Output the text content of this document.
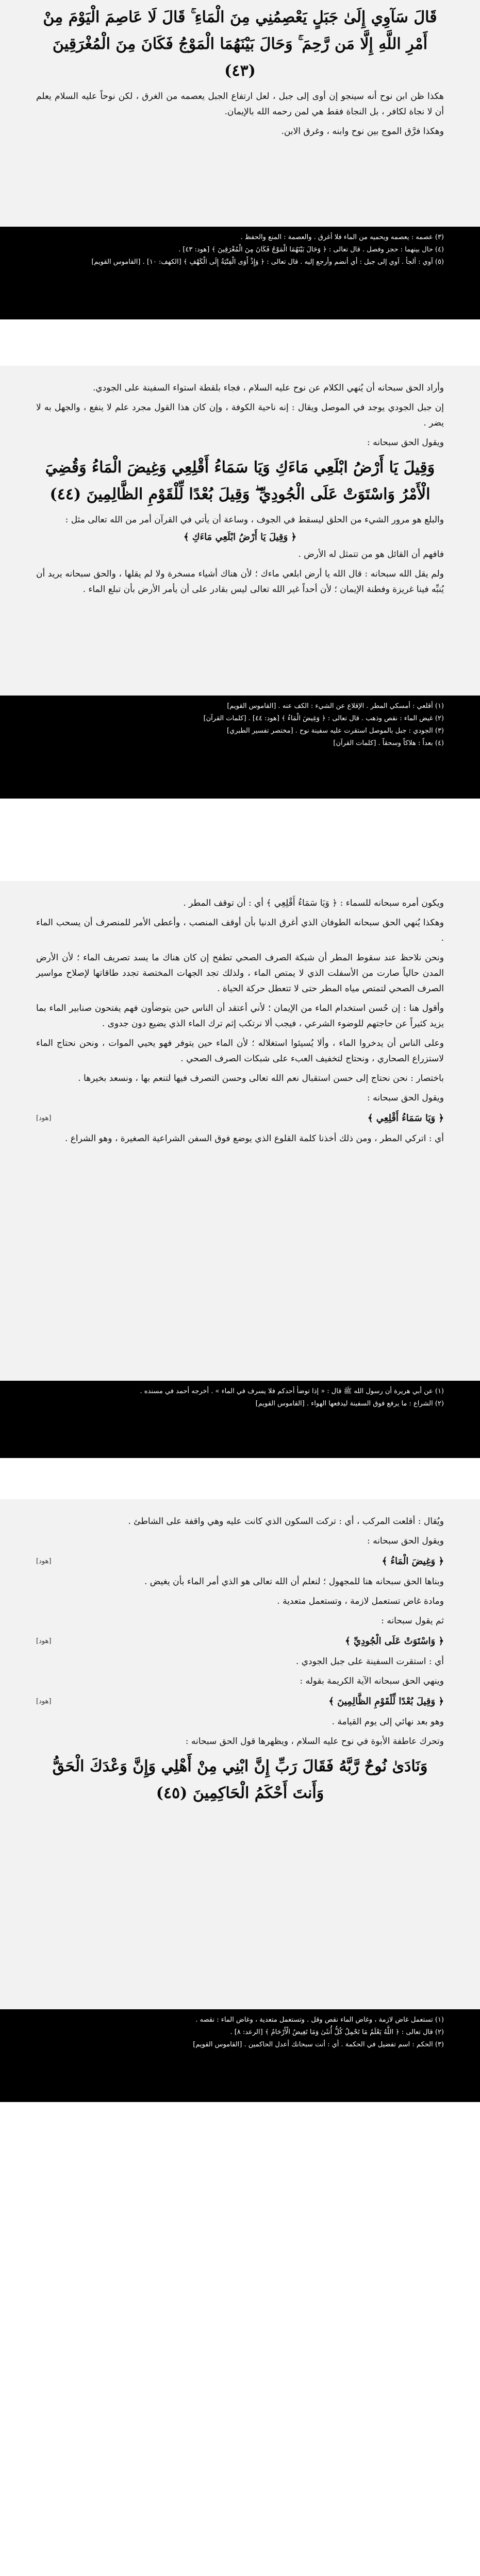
قَالَ سَآوِي إِلَىٰ جَبَلٍ يَعْصِمُنِي مِنَ الْمَاءِ ۚ قَالَ لَا عَاصِمَ الْيَوْمَ مِنْ أَمْرِ اللَّهِ إِلَّا مَن رَّحِمَ ۚ وَحَالَ بَيْنَهُمَا الْمَوْجُ فَكَانَ مِنَ الْمُغْرَقِينَ (٤٣)

هكذا ظن ابن نوح أنه سينجو إن أوى إلى جبل ، لعل ارتفاع الجبل يعصمه من الغرق ، لكن نوحاً عليه السلام يعلم أن لا نجاة لكافر ، بل النجاة فقط هي لمن رحمه الله بالإيمان.

وهكذا فرَّق الموج بين نوح وابنه ، وغرق الابن.

(٣) عصمه : يعصمه ويحميه من الماء فلا أغرق . والعصمة : المنع والحفظ .
(٤) حال بينهما : حجز وفصل . قال تعالى : ﴿ وَحَالَ بَيْنَهُمَا الْمَوْجُ فَكَانَ مِنَ الْمُغْرَقِينَ ﴾ [هود: ٤٣] .
(٥) آوي : ألجأ . آوي إلى جبل : أي أنضم وأرجع إليه . قال تعالى : ﴿ وَإِذْ أَوَى الْفِتْيَةُ إِلَى الْكَهْفِ ﴾ [الكهف: ١٠] . [القاموس القويم]

وأراد الحق سبحانه أن يُنهي الكلام عن نوح عليه السلام ، فجاء بلقطة استواء السفينة على الجودي.

إن جبل الجودي يوجد في الموصل ويقال : إنه ناحية الكوفة ، وإن كان هذا القول مجرد علم لا ينفع ، والجهل به لا يضر .

ويقول الحق سبحانه :

وَقِيلَ يَا أَرْضُ ابْلَعِي مَاءَكِ وَيَا سَمَاءُ أَقْلِعِي وَغِيضَ الْمَاءُ وَقُضِيَ الْأَمْرُ وَاسْتَوَتْ عَلَى الْجُودِيِّ ۖ وَقِيلَ بُعْدًا لِّلْقَوْمِ الظَّالِمِينَ (٤٤)

والبلع هو مرور الشيء من الحلق ليسقط في الجوف ، وساعة أن يأتي في القرآن أمر من الله تعالى مثل :

﴿ وَقِيلَ يَا أَرْضُ ابْلَعِي مَاءَكِ ﴾

فافهم أن القائل هو من تتمثل له الأرض .

ولم يقل الله سبحانه : قال الله يا أرض ابلعي ماءك ؛ لأن هناك أشياء مسخرة ولا لم يقلها ، والحق سبحانه يريد أن يُنبِّه فينا غريزة وفطنة الإيمان ؛ لأن أحداً غير الله تعالى ليس بقادر على أن يأمر الأرض بأن تبلع الماء .

(١) أقلعي : أمسكي المطر . الإقلاع عن الشيء : الكف عنه . [القاموس القويم]
(٢) غيض الماء : نقص وذهب . قال تعالى : ﴿ وَغِيضَ الْمَاءُ ﴾ [هود: ٤٤] . [كلمات القرآن]
(٣) الجودي : جبل بالموصل استقرت عليه سفينة نوح . [مختصر تفسير الطبري]
(٤) بعداً : هلاكاً وسحقاً . [كلمات القرآن]

ويكون أمره سبحانه للسماء : ﴿ وَيَا سَمَاءُ أَقْلِعِي ﴾ أي : أن توقف المطر .

وهكذا يُنهي الحق سبحانه الطوفان الذي أغرق الدنيا بأن أوقف المنصب ، وأعطى الأمر للمنصرف أن يسحب الماء .

ونحن نلاحظ عند سقوط المطر أن شبكة الصرف الصحي تطفح إن كان هناك ما يسد تصريف الماء ؛ لأن الأرض المدن حالياً صارت من الأسفلت الذي لا يمتص الماء ، ولذلك تجد الجهات المختصة تجدد طاقاتها لإصلاح مواسير الصرف الصحي لتمتص مياه المطر حتى لا تتعطل حركة الحياة .

وأقول هنا : إن حُسن استخدام الماء من الإيمان ؛ لأني أعتقد أن الناس حين يتوضأون فهم يفتحون صنابير الماء بما يزيد كثيراً عن حاجتهم للوضوء الشرعي ، فيجب ألا نرتكب إثم ترك الماء الذي يضيع دون جدوى .

وعلى الناس أن يدخروا الماء ، وألا يُسيئوا استغلاله ؛ لأن الماء حين يتوفر فهو يحيي الموات ، ونحن نحتاج الماء لاستزراع الصحاري ، ونحتاج لتخفيف العبء على شبكات الصرف الصحي .

باختصار : نحن نحتاج إلى حسن استقبال نعم الله تعالى وحسن التصرف فيها لتنعم بها ، ونسعد بخيرها .

ويقول الحق سبحانه :

﴿ وَيَا سَمَاءُ أَقْلِعِي ﴾
[هود]

أي : اتركي المطر ، ومن ذلك أخذنا كلمة القلوع الذي يوضع فوق السفن الشراعية الصغيرة ، وهو الشراع .

(١) عن أبي هريرة أن رسول الله ﷺ قال : « إذا توضأ أحدكم فلا يسرف في الماء » . أخرجه أحمد في مسنده .
(٢) الشراع : ما يرفع فوق السفينة ليدفعها الهواء . [القاموس القويم]

ويُقال : أقلعت المركب ، أي : تركت السكون الذي كانت عليه وهي واقفة على الشاطئ .

ويقول الحق سبحانه :

﴿ وَغِيضَ الْمَاءُ ﴾
[هود]

وبناها الحق سبحانه هنا للمجهول ؛ لنعلم أن الله تعالى هو الذي أمر الماء بأن يغيض .

ومادة غاض تستعمل لازمة ، وتستعمل متعدية .

ثم يقول سبحانه :

﴿ وَاسْتَوَتْ عَلَى الْجُودِيِّ ﴾
[هود]

أي : استقرت السفينة على جبل الجودي .

وينهي الحق سبحانه الآية الكريمة بقوله :

﴿ وَقِيلَ بُعْدًا لِّلْقَوْمِ الظَّالِمِينَ ﴾
[هود]

وهو بعد نهائي إلى يوم القيامة .

وتحرك عاطفة الأبوة في نوح عليه السلام ، ويظهرها قول الحق سبحانه :

وَنَادَىٰ نُوحٌ رَّبَّهُ فَقَالَ رَبِّ إِنَّ ابْنِي مِنْ أَهْلِي وَإِنَّ وَعْدَكَ الْحَقُّ وَأَنتَ أَحْكَمُ الْحَاكِمِينَ (٤٥)
(١) تستعمل غاض لازمة ، وغاض الماء نقص وقل . وتستعمل متعدية ، وغاض الماء : نقصه .
(٢) قال تعالى : ﴿ اللَّهُ يَعْلَمُ مَا تَحْمِلُ كُلُّ أُنثَىٰ وَمَا تَغِيضُ الْأَرْحَامُ ﴾ [الرعد: ٨] .
(٣) الحكم : اسم تفضيل في الحكمة . أي : أنت سبحانك أعدل الحاكمين . [القاموس القويم]
